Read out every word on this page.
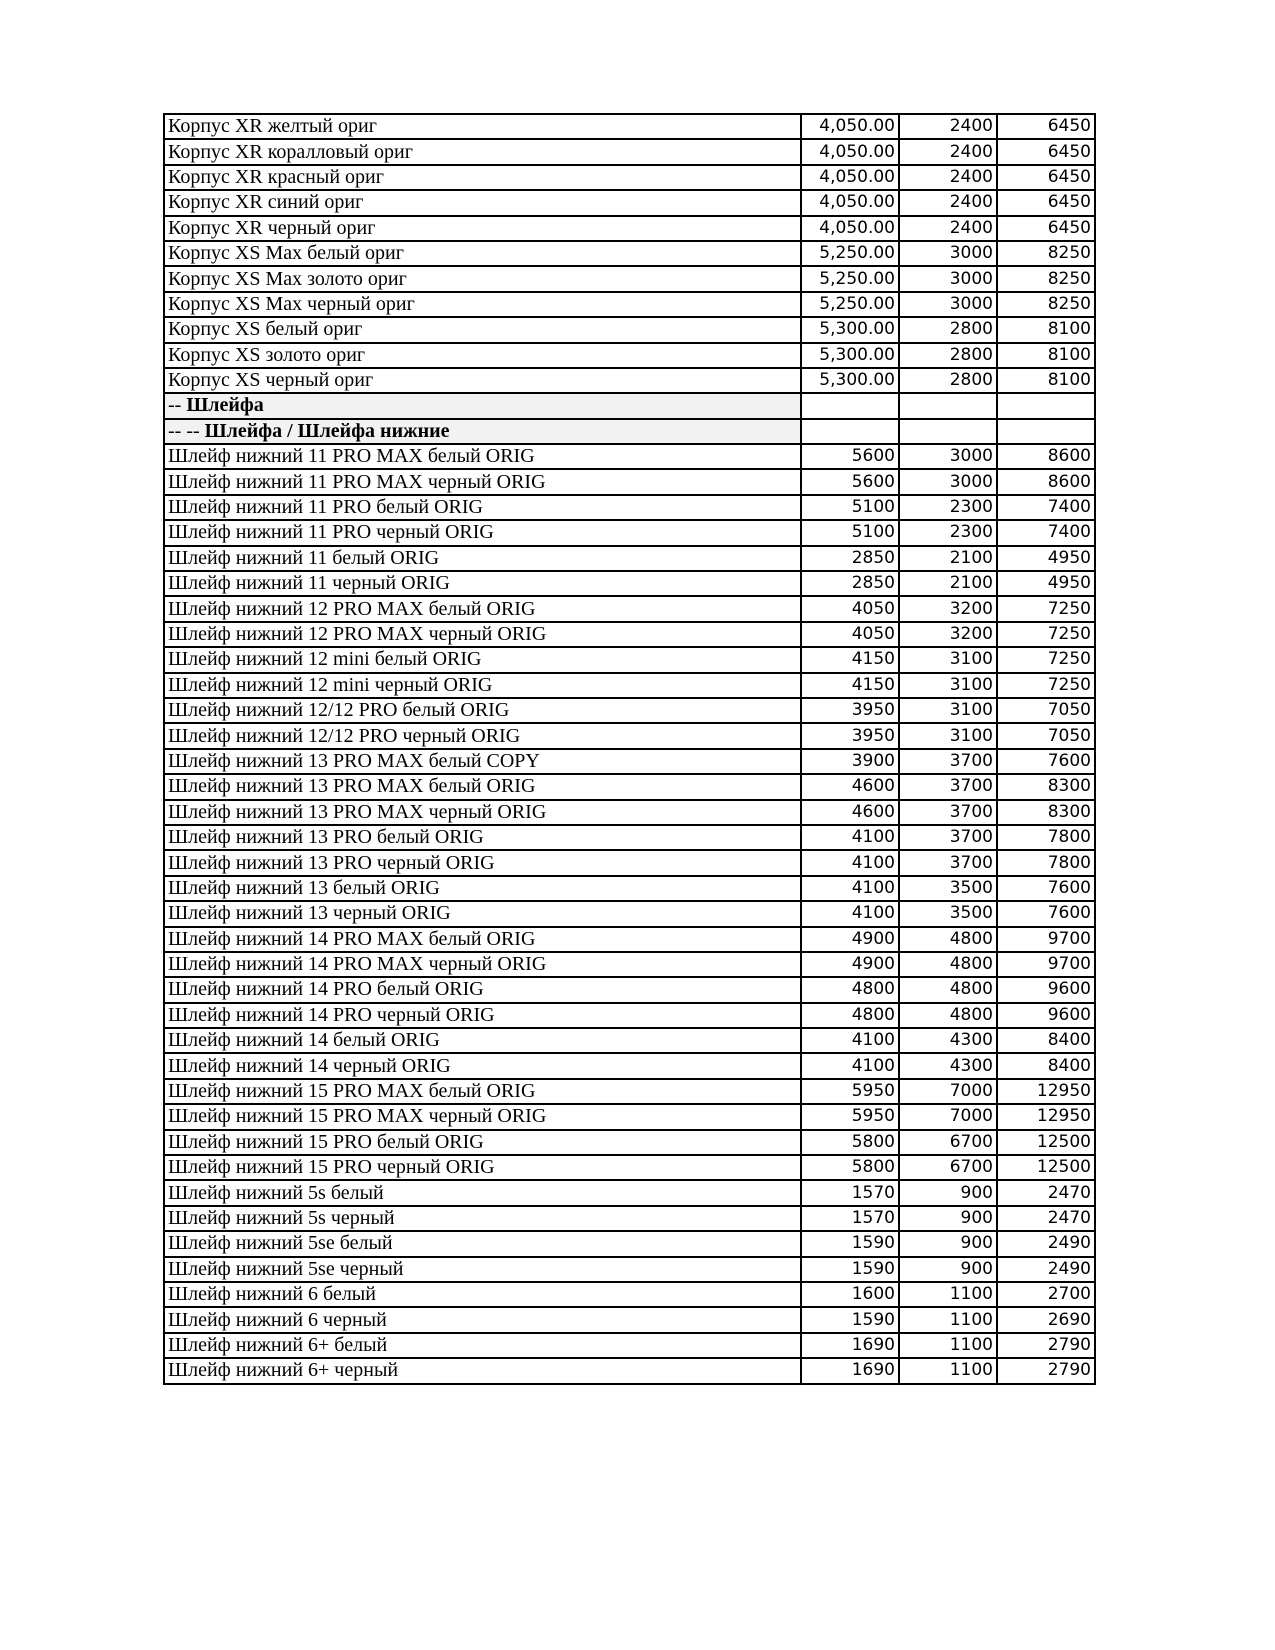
Корпус XR желтый ориг	4,050.00	2400	6450
Корпус XR коралловый ориг	4,050.00	2400	6450
Корпус XR красный ориг	4,050.00	2400	6450
Корпус XR синий ориг	4,050.00	2400	6450
Корпус XR черный ориг	4,050.00	2400	6450
Корпус XS Max белый ориг	5,250.00	3000	8250
Корпус XS Max золото ориг	5,250.00	3000	8250
Корпус XS Max черный ориг	5,250.00	3000	8250
Корпус XS белый ориг	5,300.00	2800	8100
Корпус XS золото ориг	5,300.00	2800	8100
Корпус XS черный ориг	5,300.00	2800	8100
-- Шлейфа			
-- -- Шлейфа / Шлейфа нижние			
Шлейф нижний 11 PRO MAX белый ORIG	5600	3000	8600
Шлейф нижний 11 PRO MAX черный ORIG	5600	3000	8600
Шлейф нижний 11 PRO белый ORIG	5100	2300	7400
Шлейф нижний 11 PRO черный ORIG	5100	2300	7400
Шлейф нижний 11 белый ORIG	2850	2100	4950
Шлейф нижний 11 черный ORIG	2850	2100	4950
Шлейф нижний 12 PRO MAX белый ORIG	4050	3200	7250
Шлейф нижний 12 PRO MAX черный ORIG	4050	3200	7250
Шлейф нижний 12 mini белый ORIG	4150	3100	7250
Шлейф нижний 12 mini черный ORIG	4150	3100	7250
Шлейф нижний 12/12 PRO белый ORIG	3950	3100	7050
Шлейф нижний 12/12 PRO черный ORIG	3950	3100	7050
Шлейф нижний 13 PRO MAX белый COPY	3900	3700	7600
Шлейф нижний 13 PRO MAX белый ORIG	4600	3700	8300
Шлейф нижний 13 PRO MAX черный ORIG	4600	3700	8300
Шлейф нижний 13 PRO белый ORIG	4100	3700	7800
Шлейф нижний 13 PRO черный ORIG	4100	3700	7800
Шлейф нижний 13 белый ORIG	4100	3500	7600
Шлейф нижний 13 черный ORIG	4100	3500	7600
Шлейф нижний 14 PRO MAX белый ORIG	4900	4800	9700
Шлейф нижний 14 PRO MAX черный ORIG	4900	4800	9700
Шлейф нижний 14 PRO белый ORIG	4800	4800	9600
Шлейф нижний 14 PRO черный ORIG	4800	4800	9600
Шлейф нижний 14 белый ORIG	4100	4300	8400
Шлейф нижний 14 черный ORIG	4100	4300	8400
Шлейф нижний 15 PRO MAX белый ORIG	5950	7000	12950
Шлейф нижний 15 PRO MAX черный ORIG	5950	7000	12950
Шлейф нижний 15 PRO белый ORIG	5800	6700	12500
Шлейф нижний 15 PRO черный ORIG	5800	6700	12500
Шлейф нижний 5s белый	1570	900	2470
Шлейф нижний 5s черный	1570	900	2470
Шлейф нижний 5se белый	1590	900	2490
Шлейф нижний 5se черный	1590	900	2490
Шлейф нижний 6 белый	1600	1100	2700
Шлейф нижний 6 черный	1590	1100	2690
Шлейф нижний 6+ белый	1690	1100	2790
Шлейф нижний 6+ черный	1690	1100	2790
